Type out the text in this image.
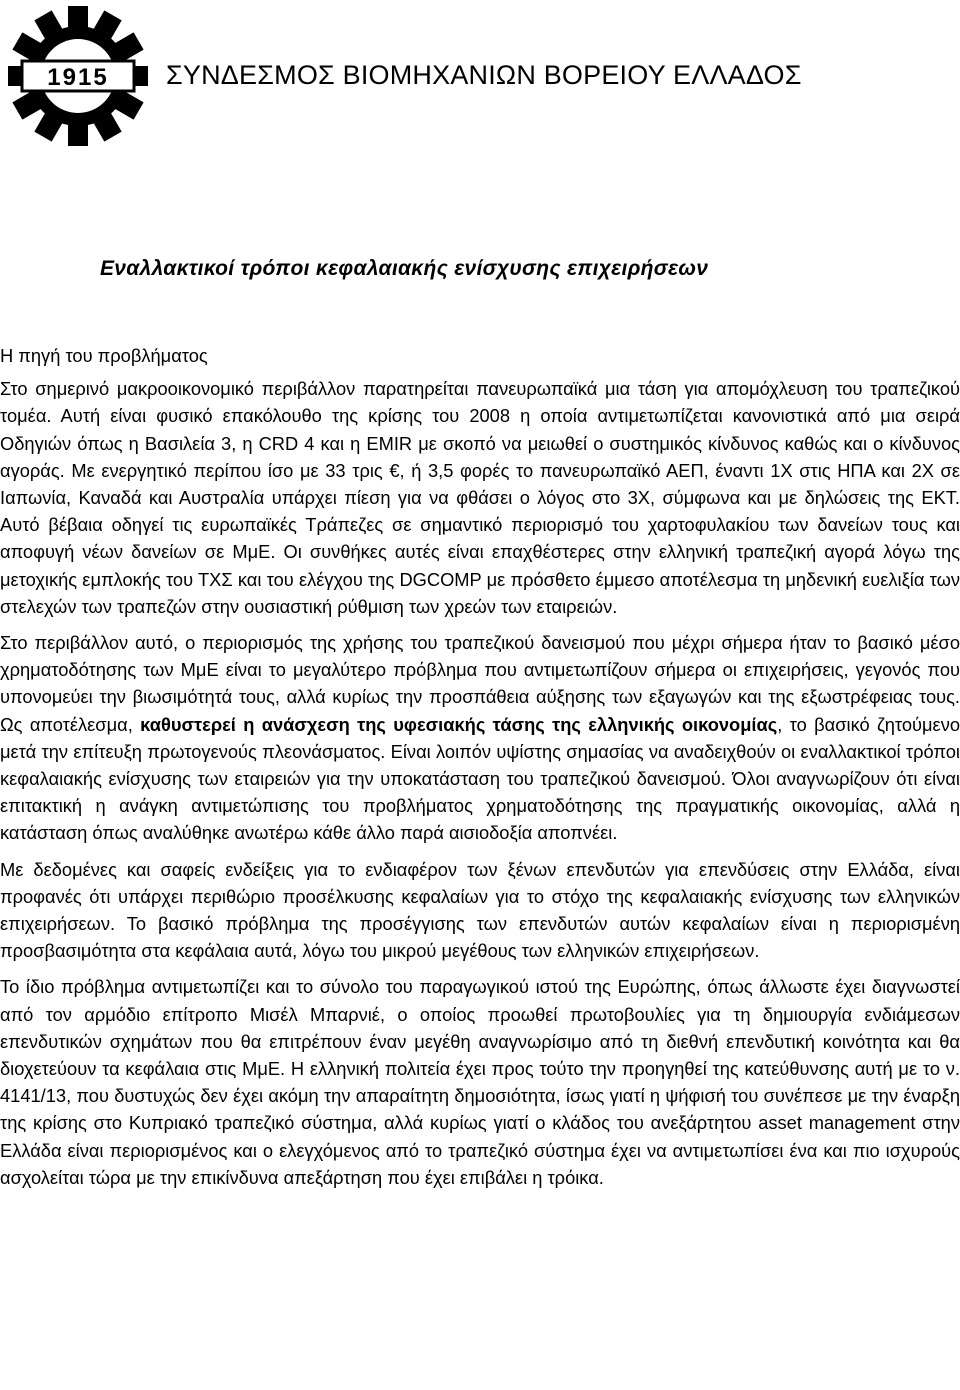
1915 ΣΥΝΔΕΣΜΟΣ ΒΙΟΜΗΧΑΝΙΩΝ ΒΟΡΕΙΟΥ ΕΛΛΑΔΟΣ
Εναλλακτικοί τρόποι κεφαλαιακής ενίσχυσης επιχειρήσεων

Η πηγή του προβλήματος

Στο σημερινό μακροοικονομικό περιβάλλον παρατηρείται πανευρωπαϊκά μια τάση για απομόχλευση του τραπεζικού τομέα. Αυτή είναι φυσικό επακόλουθο της κρίσης του 2008 η οποία αντιμετωπίζεται κανονιστικά από μια σειρά Οδηγιών όπως η Βασιλεία 3, η CRD 4 και η EMIR με σκοπό να μειωθεί ο συστημικός κίνδυνος καθώς και ο κίνδυνος αγοράς. Με ενεργητικό περίπου ίσο με 33 τρις €, ή 3,5 φορές το πανευρωπαϊκό ΑΕΠ, έναντι 1Χ στις ΗΠΑ και 2Χ σε Ιαπωνία, Καναδά και Αυστραλία υπάρχει πίεση για να φθάσει ο λόγος στο 3Χ, σύμφωνα και με δηλώσεις της ΕΚΤ. Αυτό βέβαια οδηγεί τις ευρωπαϊκές Τράπεζες σε σημαντικό περιορισμό του χαρτοφυλακίου των δανείων τους και αποφυγή νέων δανείων σε ΜμΕ. Οι συνθήκες αυτές είναι επαχθέστερες στην ελληνική τραπεζική αγορά λόγω της μετοχικής εμπλοκής του ΤΧΣ και του ελέγχου της DGCOMP με πρόσθετο έμμεσο αποτέλεσμα τη μηδενική ευελιξία των στελεχών των τραπεζών στην ουσιαστική ρύθμιση των χρεών των εταιρειών.

Στο περιβάλλον αυτό, ο περιορισμός της χρήσης του τραπεζικού δανεισμού που μέχρι σήμερα ήταν το βασικό μέσο χρηματοδότησης των ΜμΕ είναι το μεγαλύτερο πρόβλημα που αντιμετωπίζουν σήμερα οι επιχειρήσεις, γεγονός που υπονομεύει την βιωσιμότητά τους, αλλά κυρίως την προσπάθεια αύξησης των εξαγωγών και της εξωστρέφειας τους. Ως αποτέλεσμα, καθυστερεί η ανάσχεση της υφεσιακής τάσης της ελληνικής οικονομίας, το βασικό ζητούμενο μετά την επίτευξη πρωτογενούς πλεονάσματος. Είναι λοιπόν υψίστης σημασίας να αναδειχθούν οι εναλλακτικοί τρόποι κεφαλαιακής ενίσχυσης των εταιρειών για την υποκατάσταση του τραπεζικού δανεισμού. Όλοι αναγνωρίζουν ότι είναι επιτακτική η ανάγκη αντιμετώπισης του προβλήματος χρηματοδότησης της πραγματικής οικονομίας, αλλά η κατάσταση όπως αναλύθηκε ανωτέρω κάθε άλλο παρά αισιοδοξία αποπνέει.

Με δεδομένες και σαφείς ενδείξεις για το ενδιαφέρον των ξένων επενδυτών για επενδύσεις στην Ελλάδα, είναι προφανές ότι υπάρχει περιθώριο προσέλκυσης κεφαλαίων για το στόχο της κεφαλαιακής ενίσχυσης των ελληνικών επιχειρήσεων. Το βασικό πρόβλημα της προσέγγισης των επενδυτών αυτών κεφαλαίων είναι η περιορισμένη προσβασιμότητα στα κεφάλαια αυτά, λόγω του μικρού μεγέθους των ελληνικών επιχειρήσεων.

Το ίδιο πρόβλημα αντιμετωπίζει και το σύνολο του παραγωγικού ιστού της Ευρώπης, όπως άλλωστε έχει διαγνωστεί από τον αρμόδιο επίτροπο Μισέλ Μπαρνιέ, ο οποίος προωθεί πρωτοβουλίες για τη δημιουργία ενδιάμεσων επενδυτικών σχημάτων που θα επιτρέπουν έναν μεγέθη αναγνωρίσιμο από τη διεθνή επενδυτική κοινότητα και θα διοχετεύουν τα κεφάλαια στις ΜμΕ. Η ελληνική πολιτεία έχει προς τούτο την προηγηθεί της κατεύθυνσης αυτή με το ν. 4141/13, που δυστυχώς δεν έχει ακόμη την απαραίτητη δημοσιότητα, ίσως γιατί η ψήφισή του συνέπεσε με την έναρξη της κρίσης στο Κυπριακό τραπεζικό σύστημα, αλλά κυρίως γιατί ο κλάδος του ανεξάρτητου asset management στην Ελλάδα είναι περιορισμένος και ο ελεγχόμενος από το τραπεζικό σύστημα έχει να αντιμετωπίσει ένα και πιο ισχυρούς ασχολείται τώρα με την επικίνδυνα απεξάρτηση που έχει επιβάλει η τρόικα.
